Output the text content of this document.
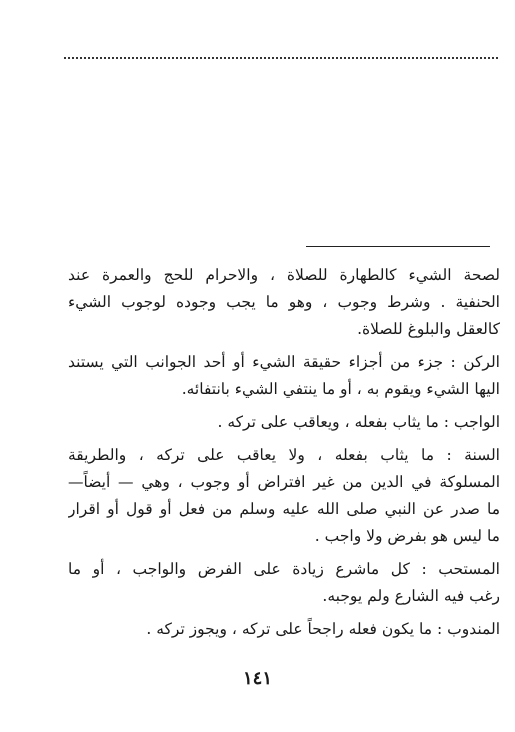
لصحة الشيء كالطهارة للصلاة ، والاحرام للحج والعمرة عند
الحنفية . وشرط وجوب ، وهو ما يجب وجوده لوجوب الشيء
كالعقل والبلوغ للصلاة.
الركن : جزء من أجزاء حقيقة الشيء أو أحد الجوانب التي يستند
اليها الشيء ويقوم به ، أو ما ينتفي الشيء بانتفائه.
الواجب : ما يثاب بفعله ، ويعاقب على تركه .
السنة : ما يثاب بفعله ، ولا يعاقب على تركه ، والطريقة
المسلوكة في الدين من غير افتراض أو وجوب ، وهي — أيضاً—
ما صدر عن النبي صلى الله عليه وسلم من فعل أو قول أو اقرار
ما ليس هو بفرض ولا واجب .
المستحب : كل ماشرع زيادة على الفرض والواجب ، أو ما
رغب فيه الشارع ولم يوجبه.
المندوب : ما يكون فعله راجحاً على تركه ، ويجوز تركه .
١٤١
